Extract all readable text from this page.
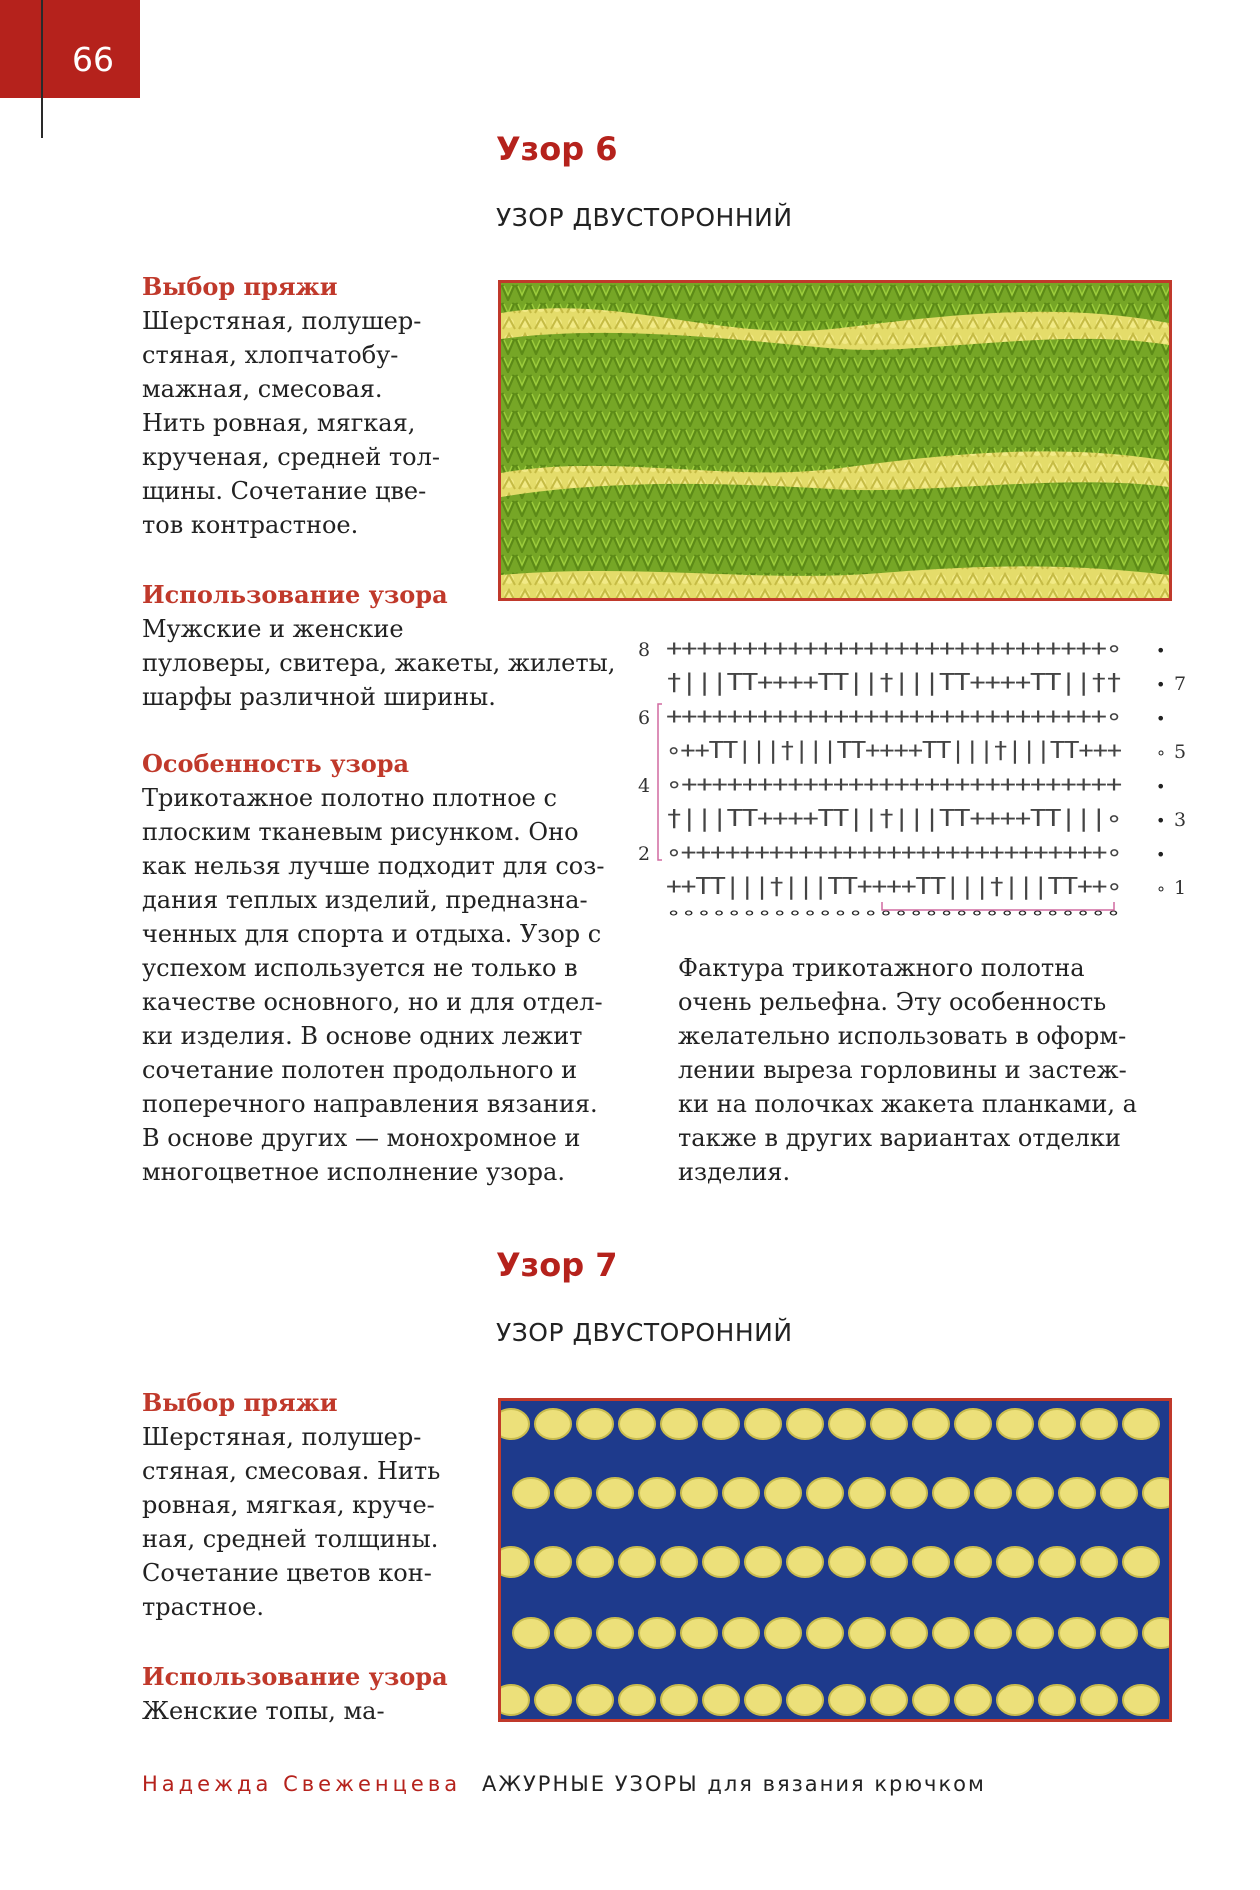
66
Узор 6
УЗОР ДВУСТОРОННИЙ
Выбор пряжи
Шерстяная, полушер-
стяная, хлопчатобу-
мажная, смесовая.
Нить ровная, мягкая,
крученая, средней тол-
щины. Сочетание цве-
тов контрастное.
Использование узора
Мужские и женские
пуловеры, свитера, жакеты, жилеты,
шарфы различной ширины.
Особенность узора
Трикотажное полотно плотное с
плоским тканевым рисунком. Оно
как нельзя лучше подходит для соз-
дания теплых изделий, предназна-
ченных для спорта и отдыха. Узор с
успехом используется не только в
качестве основного, но и для отдел-
ки изделия. В основе одних лежит
сочетание полотен продольного и
поперечного направления вязания.
В основе других — монохромное и
многоцветное исполнение узора.
Фактура трикотажного полотна
очень рельефна. Эту особенность
желательно использовать в оформ-
лении выреза горловины и застеж-
ки на полочках жакета планками, а
также в других вариантах отделки
изделия.
8 +++++++++++++++++++++++++++++∘ •
†|||TT++++TT||†|||TT++++TT||†† • 7
6 +++++++++++++++++++++++++++++∘ •
∘++TT|||†|||TT++++TT|||†|||TT+++ ∘ 5
4 ∘+++++++++++++++++++++++++++++ •
†|||TT++++TT||†|||TT++++TT|||∘ • 3
2 ∘+++++++++++++++++++++++++++++∘ •
++TT|||†|||TT++++TT|||†|||TT++∘ ∘ 1
∘∘∘∘∘∘∘∘∘∘∘∘∘∘∘∘∘∘∘∘∘∘∘∘∘∘∘∘∘∘
Узор 7
УЗОР ДВУСТОРОННИЙ
Выбор пряжи
Шерстяная, полушер-
стяная, смесовая. Нить
ровная, мягкая, круче-
ная, средней толщины.
Сочетание цветов кон-
трастное.
Использование узора
Женские топы, ма-
Надежда Свеженцева АЖУРНЫЕ УЗОРЫ для вязания крючком
